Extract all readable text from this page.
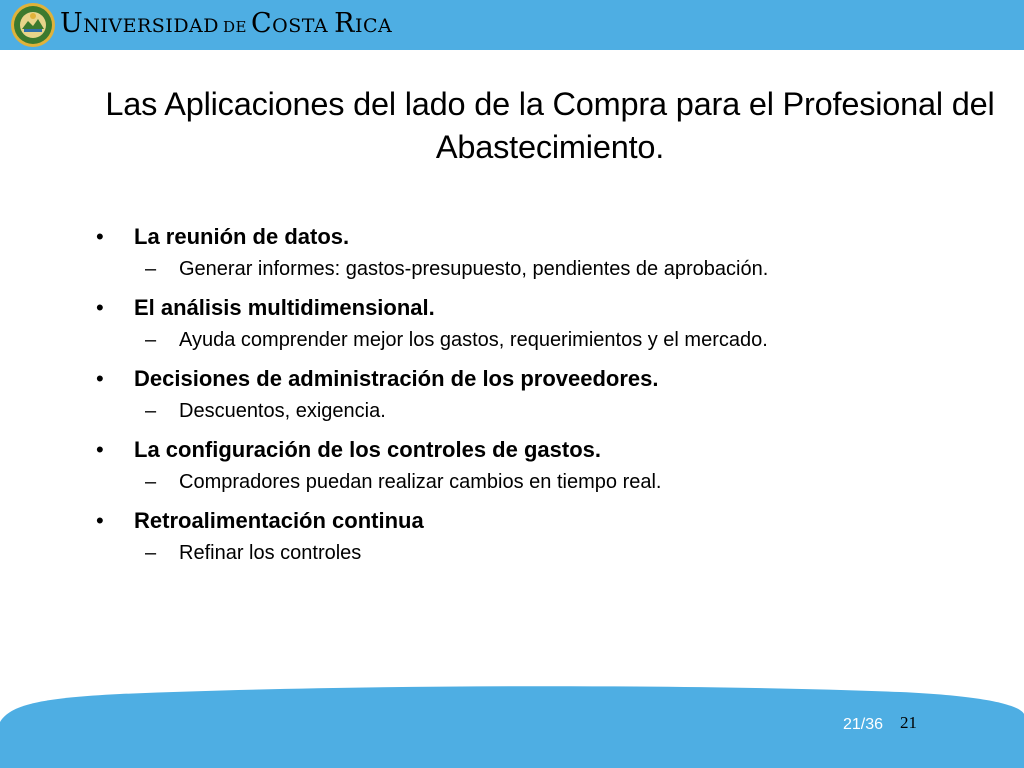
UNIVERSIDAD DE COSTA RICA
Las Aplicaciones del lado de la Compra para el Profesional del Abastecimiento.
• La reunión de datos.
– Generar informes: gastos-presupuesto, pendientes de aprobación.
• El análisis multidimensional.
– Ayuda comprender mejor los gastos, requerimientos y el mercado.
• Decisiones de administración de los proveedores.
– Descuentos, exigencia.
• La configuración de los controles de gastos.
– Compradores puedan realizar cambios en tiempo real.
• Retroalimentación continua
– Refinar los controles
21/36 21
